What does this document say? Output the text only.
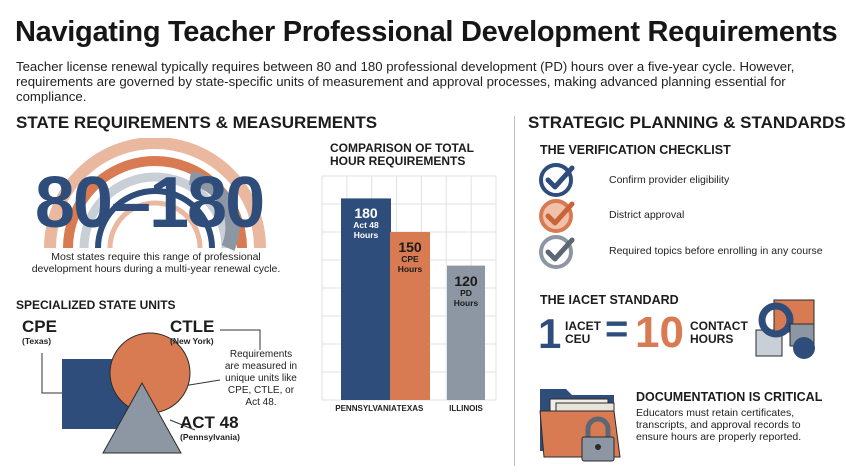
Navigating Teacher Professional Development Requirements
Teacher license renewal typically requires between 80 and 180 professional development (PD) hours over a five-year cycle. However, requirements are governed by state-specific units of measurement and approval processes, making advanced planning essential for compliance.
STATE REQUIREMENTS & MEASUREMENTS
80–180
Most states require this range of professional development hours during a multi-year renewal cycle.
SPECIALIZED STATE UNITS
CPE
(Texas)
CTLE
(New York)
ACT 48
(Pennsylvania)
Requirements are measured in unique units like CPE, CTLE, or Act 48.
COMPARISON OF TOTAL HOUR REQUIREMENTS
180
Act 48 Hours
PENNSYLVANIA
150
CPE Hours
TEXAS
120
PD Hours
ILLINOIS
STRATEGIC PLANNING & STANDARDS
THE VERIFICATION CHECKLIST
Confirm provider eligibility
District approval
Required topics before enrolling in any course
THE IACET STANDARD
1 IACET CEU = 10 CONTACT HOURS
DOCUMENTATION IS CRITICAL
Educators must retain certificates, transcripts, and approval records to ensure hours are properly reported.
